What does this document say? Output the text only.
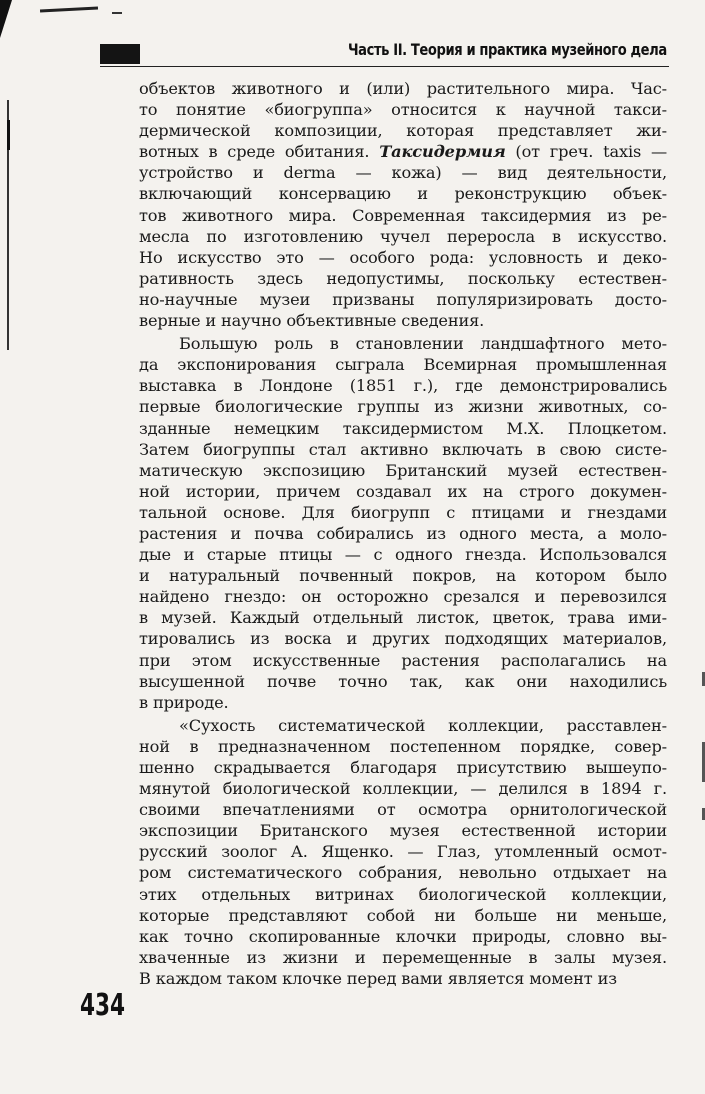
Часть II. Теория и практика музейного дела
объектов животного и (или) растительного мира. Час-
то понятие «биогруппа» относится к научной такси-
дермической композиции, которая представляет жи-
вотных в среде обитания. Таксидермия (от греч. taxis —
устройство и derma — кожа) — вид деятельности,
включающий консервацию и реконструкцию объек-
тов животного мира. Современная таксидермия из ре-
месла по изготовлению чучел переросла в искусство.
Но искусство это — особого рода: условность и деко-
ративность здесь недопустимы, поскольку естествен-
но-научные музеи призваны популяризировать досто-
верные и научно объективные сведения.
Большую роль в становлении ландшафтного мето-
да экспонирования сыграла Всемирная промышленная
выставка в Лондоне (1851 г.), где демонстрировались
первые биологические группы из жизни животных, со-
зданные немецким таксидермистом М.Х. Плоцкетом.
Затем биогруппы стал активно включать в свою систе-
матическую экспозицию Британский музей естествен-
ной истории, причем создавал их на строго докумен-
тальной основе. Для биогрупп с птицами и гнездами
растения и почва собирались из одного места, а моло-
дые и старые птицы — с одного гнезда. Использовался
и натуральный почвенный покров, на котором было
найдено гнездо: он осторожно срезался и перевозился
в музей. Каждый отдельный листок, цветок, трава ими-
тировались из воска и других подходящих материалов,
при этом искусственные растения располагались на
высушенной почве точно так, как они находились
в природе.
«Сухость систематической коллекции, расставлен-
ной в предназначенном постепенном порядке, совер-
шенно скрадывается благодаря присутствию вышеупо-
мянутой биологической коллекции, — делился в 1894 г.
своими впечатлениями от осмотра орнитологической
экспозиции Британского музея естественной истории
русский зоолог А. Ященко. — Глаз, утомленный осмот-
ром систематического собрания, невольно отдыхает на
этих отдельных витринах биологической коллекции,
которые представляют собой ни больше ни меньше,
как точно скопированные клочки природы, словно вы-
хваченные из жизни и перемещенные в залы музея.
В каждом таком клочке перед вами является момент из
434
